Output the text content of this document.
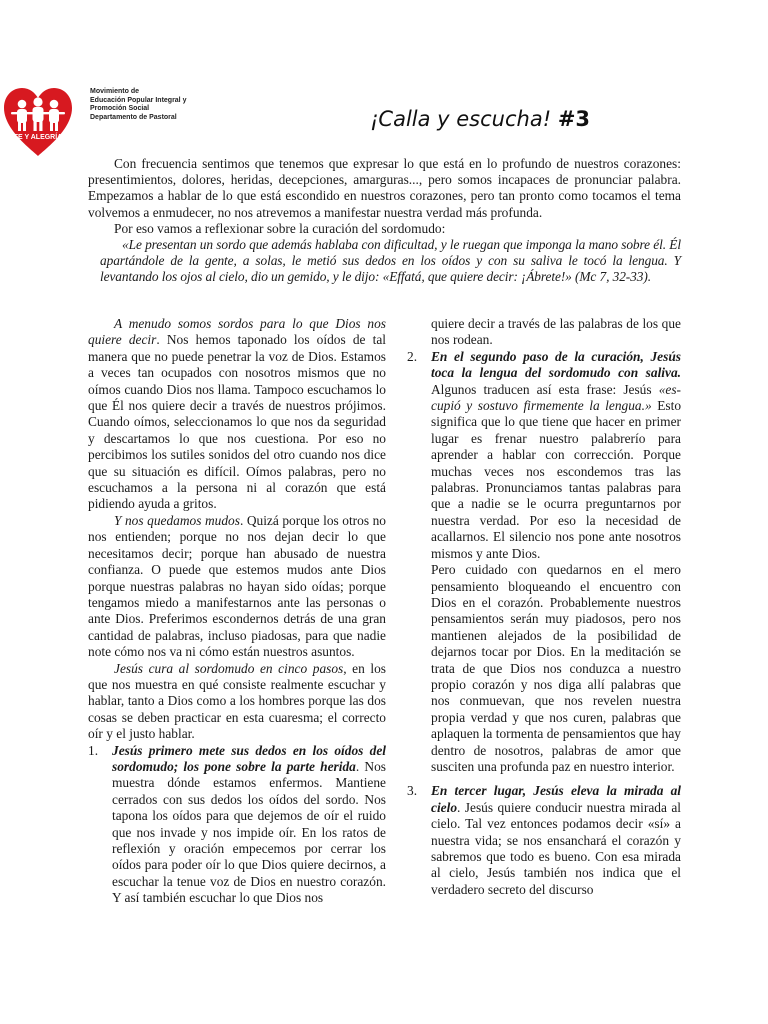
FE Y ALEGRÍA
Movimiento de
Educación Popular Integral y
Promoción Social
Departamento de Pastoral	¡Calla y escucha! #3

Con frecuencia sentimos que tenemos que expresar lo que está en lo profundo de nuestros corazones: presentimientos, dolores, heridas, decepciones, amarguras..., pero somos incapaces de pronunciar palabra. Empezamos a hablar de lo que está escondido en nuestros corazones, pero tan pronto como tocamos el tema volvemos a enmudecer, no nos atrevemos a manifestar nuestra verdad más profunda.

Por eso vamos a reflexionar sobre la curación del sordomudo:

«Le presentan un sordo que además hablaba con dificultad, y le ruegan que imponga la mano sobre él. Él apartándole de la gente, a solas, le metió sus dedos en los oídos y con su saliva le tocó la lengua. Y levantando los ojos al cielo, dio un gemido, y le dijo: «Effatá, que quiere decir: ¡Ábrete!» (Mc 7, 32-33).

A menudo somos sordos para lo que Dios nos quiere decir. Nos hemos taponado los oídos de tal manera que no puede penetrar la voz de Dios. Estamos a veces tan ocupados con nosotros mismos que no oímos cuando Dios nos llama. Tampoco escuchamos lo que Él nos quiere decir a través de nuestros prójimos. Cuando oímos, seleccionamos lo que nos da seguridad y descartamos lo que nos cuestiona. Por eso no percibimos los sutiles sonidos del otro cuando nos dice que su situación es difícil. Oímos palabras, pero no escuchamos a la persona ni al corazón que está pidiendo ayuda a gritos.

Y nos quedamos mudos. Quizá porque los otros no nos entienden; porque no nos dejan decir lo que necesitamos decir; porque han abusado de nuestra confianza. O puede que estemos mudos ante Dios porque nuestras palabras no hayan sido oídas; porque tengamos miedo a manifestarnos ante las personas o ante Dios. Preferimos escondernos detrás de una gran cantidad de palabras, incluso piadosas, para que nadie note cómo nos va ni cómo están nuestros asuntos.

Jesús cura al sordomudo en cinco pasos, en los que nos muestra en qué consiste realmente escuchar y hablar, tanto a Dios como a los hombres porque las dos cosas se deben practicar en esta cuaresma; el correcto oír y el justo hablar.

1. Jesús primero mete sus dedos en los oídos del sordomudo; los pone sobre la parte herida. Nos muestra dónde estamos enfermos. Mantiene cerrados con sus dedos los oídos del sordo. Nos tapona los oídos para que dejemos de oír el ruido que nos invade y nos impide oír. En los ratos de reflexión y oración empecemos por cerrar los oídos para poder oír lo que Dios quiere decirnos, a escuchar la tenue voz de Dios en nuestro corazón. Y así también escuchar lo que Dios nos

quiere decir a través de las palabras de los que nos rodean.

2. En el segundo paso de la curación, Jesús toca la lengua del sordomudo con saliva. Algunos traducen así esta frase: Jesús «es-cupió y sostuvo firmemente la lengua.» Esto significa que lo que tiene que hacer en primer lugar es frenar nuestro palabrerío para aprender a hablar con corrección. Porque muchas veces nos escondemos tras las palabras. Pronunciamos tantas palabras para que a nadie se le ocurra preguntarnos por nuestra verdad. Por eso la necesidad de acallarnos. El silencio nos pone ante nosotros mismos y ante Dios.

Pero cuidado con quedarnos en el mero pensamiento bloqueando el encuentro con Dios en el corazón. Probablemente nuestros pensamientos serán muy piadosos, pero nos mantienen alejados de la posibilidad de dejarnos tocar por Dios. En la meditación se trata de que Dios nos conduzca a nuestro propio corazón y nos diga allí palabras que nos conmuevan, que nos revelen nuestra propia verdad y que nos curen, palabras que aplaquen la tormenta de pensamientos que hay dentro de nosotros, palabras de amor que susciten una profunda paz en nuestro interior.

3. En tercer lugar, Jesús eleva la mirada al cielo. Jesús quiere conducir nuestra mirada al cielo. Tal vez entonces podamos decir «sí» a nuestra vida; se nos ensanchará el corazón y sabremos que todo es bueno. Con esa mirada al cielo, Jesús también nos indica que el verdadero secreto del discurso
